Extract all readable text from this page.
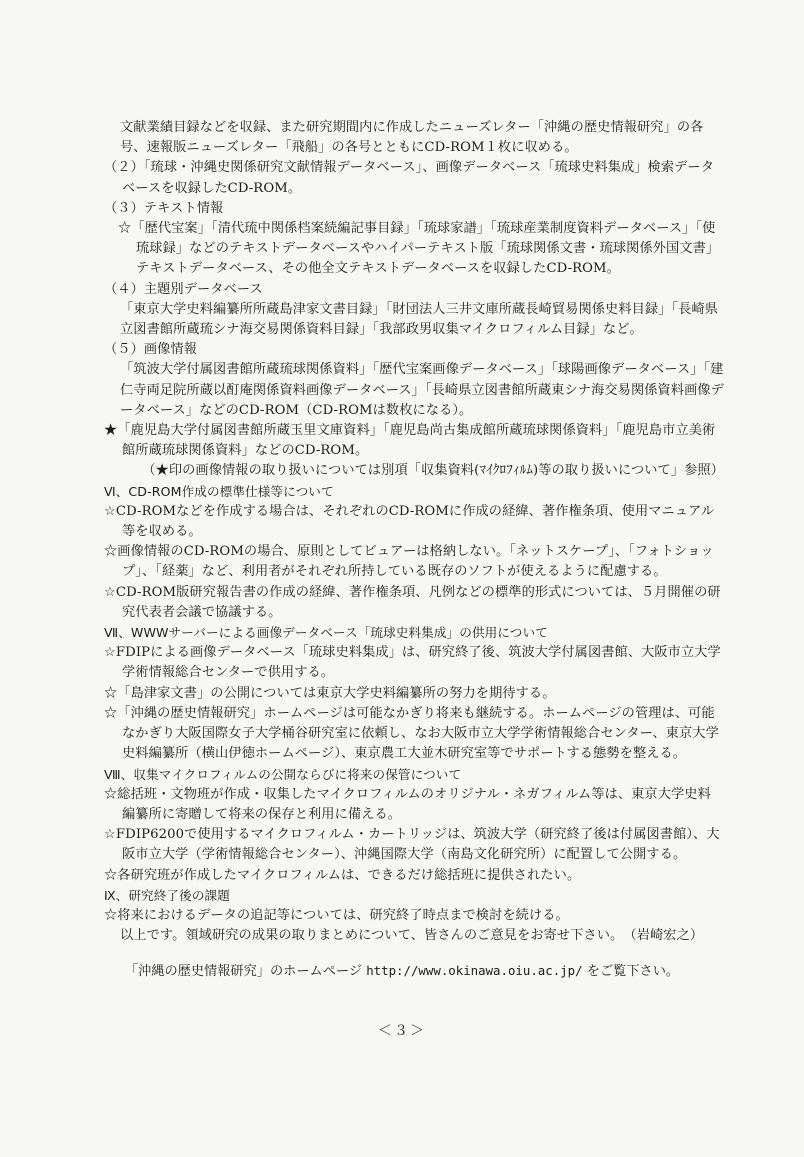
文献業績目録などを収録、また研究期間内に作成したニューズレター「沖縄の歴史情報研究」の各号、速報版ニューズレター「飛船」の各号とともにCD-ROM１枚に収める。

（２）「琉球・沖縄史関係研究文献情報データベース」、画像データベース「琉球史料集成」検索データベースを収録したCD-ROM。

（３）テキスト情報

☆「歴代宝案」「清代琉中関係档案続編記事目録」「琉球家譜」「琉球産業制度資料データベース」「使琉球録」などのテキストデータベースやハイパーテキスト版「琉球関係文書・琉球関係外国文書」テキストデータベース、その他全文テキストデータベースを収録したCD-ROM。

（４）主題別データベース

「東京大学史料編纂所所蔵島津家文書目録」「財団法人三井文庫所蔵長崎貿易関係史料目録」「長崎県立図書館所蔵琉シナ海交易関係資料目録」「我部政男収集マイクロフィルム目録」など。

（５）画像情報

「筑波大学付属図書館所蔵琉球関係資料」「歴代宝案画像データベース」「球陽画像データベース」「建仁寺両足院所蔵以酊庵関係資料画像データベース」「長崎県立図書館所蔵東シナ海交易関係資料画像データベース」などのCD-ROM（CD-ROMは数枚になる）。

★「鹿児島大学付属図書館所蔵玉里文庫資料」「鹿児島尚古集成館所蔵琉球関係資料」「鹿児島市立美術館所蔵琉球関係資料」などのCD-ROM。

（★印の画像情報の取り扱いについては別項「収集資料(ﾏｲｸﾛﾌｨﾙﾑ)等の取り扱いについて」参照）

Ⅵ、CD-ROM作成の標準仕様等について

☆CD-ROMなどを作成する場合は、それぞれのCD-ROMに作成の経緯、著作権条項、使用マニュアル等を収める。

☆画像情報のCD-ROMの場合、原則としてビュアーは格納しない。「ネットスケープ」、「フォトショップ」、「経薬」など、利用者がそれぞれ所持している既存のソフトが使えるように配慮する。

☆CD-ROM版研究報告書の作成の経緯、著作権条項、凡例などの標準的形式については、５月開催の研究代表者会議で協議する。

Ⅶ、WWWサーバーによる画像データベース「琉球史料集成」の供用について

☆FDIPによる画像データベース「琉球史料集成」は、研究終了後、筑波大学付属図書館、大阪市立大学学術情報総合センターで供用する。

☆「島津家文書」の公開については東京大学史料編纂所の努力を期待する。

☆「沖縄の歴史情報研究」ホームページは可能なかぎり将来も継続する。ホームページの管理は、可能なかぎり大阪国際女子大学桶谷研究室に依頼し、なお大阪市立大学学術情報総合センター、東京大学史料編纂所（横山伊徳ホームページ）、東京農工大並木研究室等でサポートする態勢を整える。

Ⅷ、収集マイクロフィルムの公開ならびに将来の保管について

☆総括班・文物班が作成・収集したマイクロフィルムのオリジナル・ネガフィルム等は、東京大学史料編纂所に寄贈して将来の保存と利用に備える。

☆FDIP6200で使用するマイクロフィルム・カートリッジは、筑波大学（研究終了後は付属図書館）、大阪市立大学（学術情報総合センター）、沖縄国際大学（南島文化研究所）に配置して公開する。

☆各研究班が作成したマイクロフィルムは、できるだけ総括班に提供されたい。

Ⅸ、研究終了後の課題

☆将来におけるデータの追記等については、研究終了時点まで検討を続ける。

以上です。領域研究の成果の取りまとめについて、皆さんのご意見をお寄せ下さい。　（岩崎宏之）

「沖縄の歴史情報研究」のホームページ http://www.okinawa.oiu.ac.jp/ をご覧下さい。
＜３＞
